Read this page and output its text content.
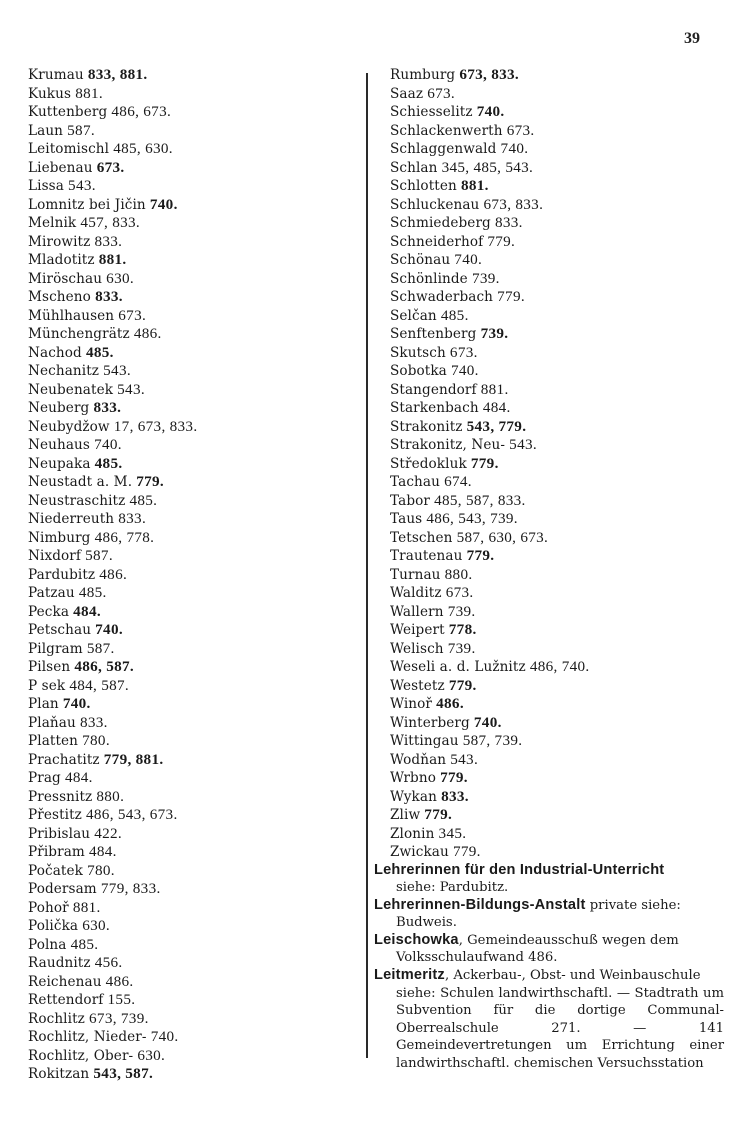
39
Krumau 833, 881.
Kukus 881.
Kuttenberg 486, 673.
Laun 587.
Leitomischl 485, 630.
Liebenau 673.
Lissa 543.
Lomnitz bei Jičin 740.
Melnik 457, 833.
Mirowitz 833.
Mladotitz 881.
Miröschau 630.
Mscheno 833.
Mühlhausen 673.
Münchengrätz 486.
Nachod 485.
Nechanitz 543.
Neubenatek 543.
Neuberg 833.
Neubydžow 17, 673, 833.
Neuhaus 740.
Neupaka 485.
Neustadt a. M. 779.
Neustraschitz 485.
Niederreuth 833.
Nimburg 486, 778.
Nixdorf 587.
Pardubitz 486.
Patzau 485.
Pecka 484.
Petschau 740.
Pilgram 587.
Pilsen 486, 587.
P sek 484, 587.
Plan 740.
Plaňau 833.
Platten 780.
Prachatitz 779, 881.
Prag 484.
Pressnitz 880.
Přestitz 486, 543, 673.
Pribislau 422.
Přibram 484.
Počatek 780.
Podersam 779, 833.
Pohoř 881.
Polička 630.
Polna 485.
Raudnitz 456.
Reichenau 486.
Rettendorf 155.
Rochlitz 673, 739.
Rochlitz, Nieder- 740.
Rochlitz, Ober- 630.
Rokitzan 543, 587.
Rumburg 673, 833.
Saaz 673.
Schiesselitz 740.
Schlackenwerth 673.
Schlaggenwald 740.
Schlan 345, 485, 543.
Schlotten 881.
Schluckenau 673, 833.
Schmiedeberg 833.
Schneiderhof 779.
Schönau 740.
Schönlinde 739.
Schwaderbach 779.
Selčan 485.
Senftenberg 739.
Skutsch 673.
Sobotka 740.
Stangendorf 881.
Starkenbach 484.
Strakonitz 543, 779.
Strakonitz, Neu- 543.
Středokluk 779.
Tachau 674.
Tabor 485, 587, 833.
Taus 486, 543, 739.
Tetschen 587, 630, 673.
Trautenau 779.
Turnau 880.
Walditz 673.
Wallern 739.
Weipert 778.
Welisch 739.
Weseli a. d. Lužnitz 486, 740.
Westetz 779.
Winoř 486.
Winterberg 740.
Wittingau 587, 739.
Wodňan 543.
Wrbno 779.
Wykan 833.
Zliw 779.
Zlonin 345.
Zwickau 779.
Lehrerinnen für den Industrial-Unterricht
siehe: Pardubitz.
Lehrerinnen-Bildungs-Anstalt private siehe:
Budweis.
Leischowka, Gemeindeausschuß wegen dem
Volksschulaufwand 486.
Leitmeritz, Ackerbau-, Obst- und Weinbauschule
siehe: Schulen landwirthschaftl. — Stadtrath um Subvention für die dortige Communal-Oberrealschule 271. — 141 Gemeindevertretungen um Errichtung einer landwirthschaftl. chemischen Versuchsstation
